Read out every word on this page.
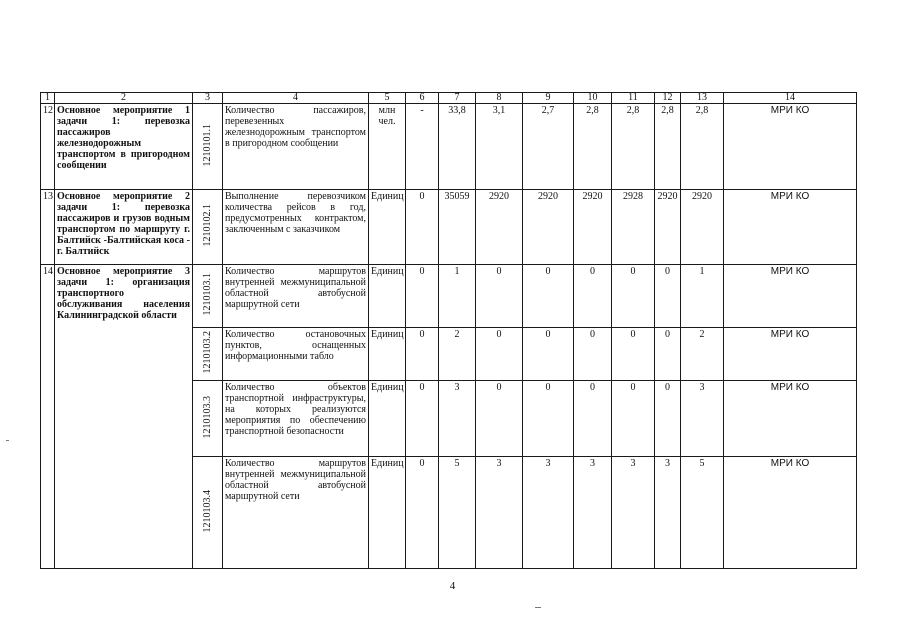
1	2	3	4	5	6	7	8	9	10	11	12	13	14
12	Основное мероприятие 1 задачи 1: перевозка пассажиров железнодорожным транспортом в пригородном сообщении	1210101.1	Количество пассажиров, перевезенных железнодорожным транспортом в пригородном сообщении	млн чел.	-	33,8	3,1	2,7	2,8	2,8	2,8	2,8	МРИ КО
13	Основное мероприятие 2 задачи 1: перевозка пассажиров и грузов водным транспортом по маршруту г. Балтийск -Балтийская коса - г. Балтийск	1210102.1	Выполнение перевозчиком количества рейсов в год, предусмотренных контрактом, заключенным с заказчиком	Единиц	0	35059	2920	2920	2920	2928	2920	2920	МРИ КО
14	Основное мероприятие 3 задачи 1: организация транспортного обслуживания населения Калининградской области	1210103.1	Количество маршрутов внутренней межмуниципальной областной автобусной маршрутной сети	Единиц	0	1	0	0	0	0	0	1	МРИ КО
		1210103.2	Количество остановочных пунктов, оснащенных информационными табло	Единиц	0	2	0	0	0	0	0	2	МРИ КО
		1210103.3	Количество объектов транспортной инфраструктуры, на которых реализуются мероприятия по обеспечению транспортной безопасности	Единиц	0	3	0	0	0	0	0	3	МРИ КО
		1210103.4	Количество маршрутов внутренней межмуниципальной областной автобусной маршрутной сети	Единиц	0	5	3	3	3	3	3	5	МРИ КО
4
